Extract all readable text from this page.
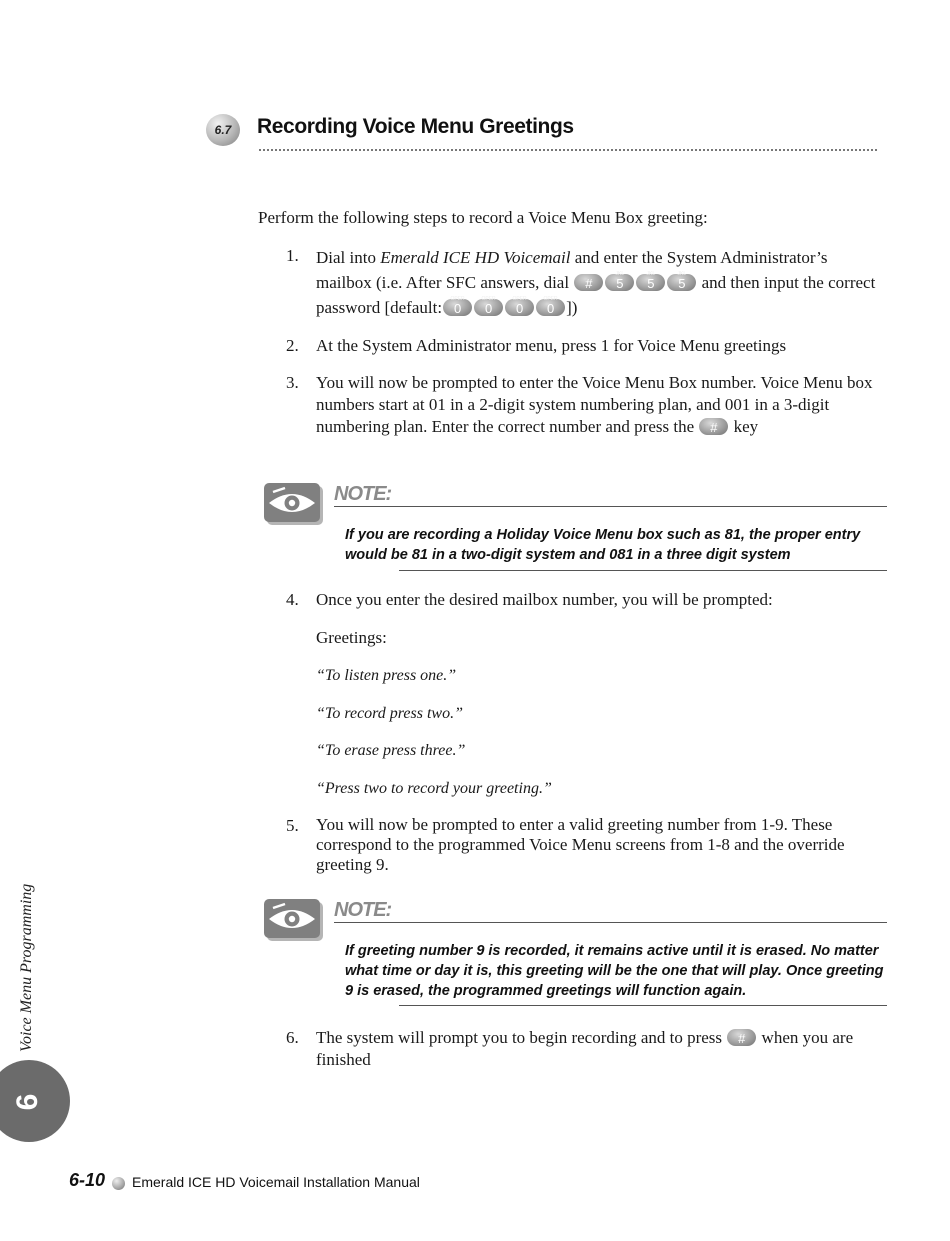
6.7	Recording Voice Menu Greetings
Perform the following steps to record a Voice Menu Box greeting:
1.	Dial into Emerald ICE HD Voicemail and enter the System Administrator’s mailbox (i.e. After SFC answers, dial #
JKL
5
JKL
5
JKL
5 and then input the correct password [default:	OPER
0
OPER
0
OPER
0
OPER
0 ])
2.	At the System Administrator menu, press 1 for Voice Menu greetings
3.	You will now be prompted to enter the Voice Menu Box number. Voice Menu box numbers start at 01 in a 2-digit system numbering plan, and 001 in a 3-digit numbering plan. Enter the correct number and press the # key
NOTE:
If you are recording a Holiday Voice Menu box such as 81, the proper entry would be 81 in a two-digit system and 081 in a three digit system
4.	Once you enter the desired mailbox number, you will be prompted:
Greetings:
“To listen press one.”
“To record press two.”
“To erase press three.”
“Press two to record your greeting.”
5.	You will now be prompted to enter a valid greeting number from 1-9. These correspond to the programmed Voice Menu screens from 1-8 and the override greeting 9.
NOTE:
If greeting number 9 is recorded, it remains active until it is erased. No matter what time or day it is, this greeting will be the one that will play. Once greeting 9 is erased, the programmed greetings will function again.
6.	The system will prompt you to begin recording and to press # when you are finished
Voice Menu Programming
6
6-10 Emerald ICE HD Voicemail Installation Manual
